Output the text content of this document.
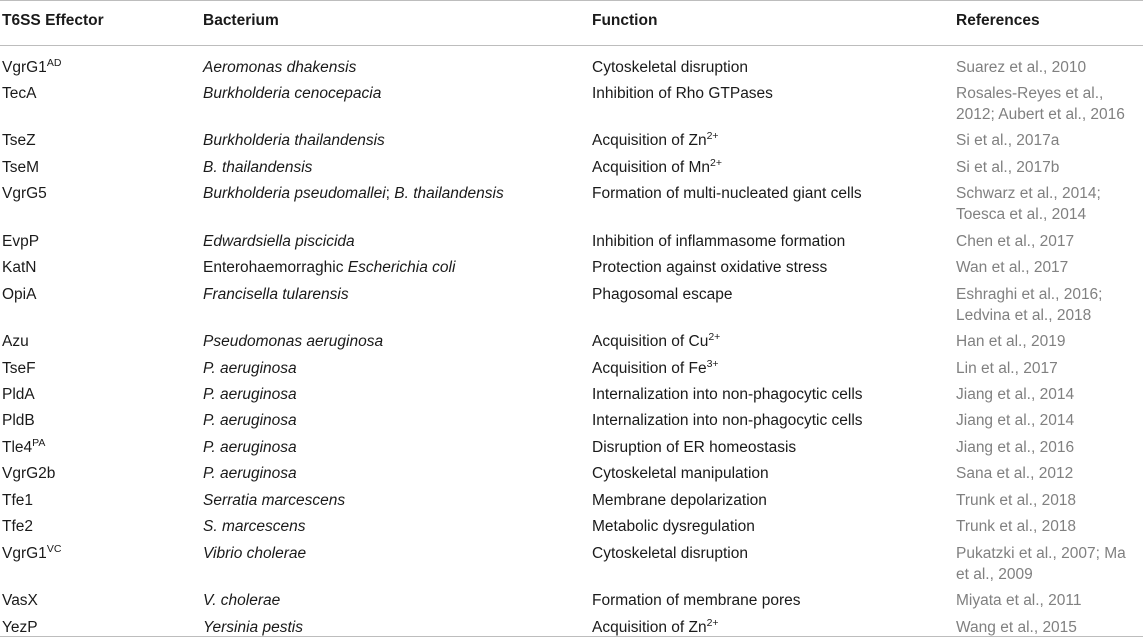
T6SS Effector	Bacterium	Function	References
$VgrG1^{AD}$	Aeromonas dhakensis	Cytoskeletal disruption	Suarez et al., 2010
TecA	Burkholderia cenocepacia	Inhibition of Rho GTPases	Rosales-Reyes et al.,
2012; Aubert et al., 2016
TseZ	Burkholderia thailandensis	Acquisition of $Zn^{2+}$	Si et al., 2017a
TseM	B. thailandensis	Acquisition of $Mn^{2+}$	Si et al., 2017b
VgrG5	Burkholderia pseudomallei; B. thailandensis	Formation of multi-nucleated giant cells	Schwarz et al., 2014;
Toesca et al., 2014
EvpP	Edwardsiella piscicida	Inhibition of inflammasome formation	Chen et al., 2017
KatN	Enterohaemorraghic Escherichia coli	Protection against oxidative stress	Wan et al., 2017
OpiA	Francisella tularensis	Phagosomal escape	Eshraghi et al., 2016;
Ledvina et al., 2018
Azu	Pseudomonas aeruginosa	Acquisition of $Cu^{2+}$	Han et al., 2019
TseF	P. aeruginosa	Acquisition of $Fe^{3+}$	Lin et al., 2017
PldA	P. aeruginosa	Internalization into non-phagocytic cells	Jiang et al., 2014
PldB	P. aeruginosa	Internalization into non-phagocytic cells	Jiang et al., 2014
$Tle4^{PA}$	P. aeruginosa	Disruption of ER homeostasis	Jiang et al., 2016
VgrG2b	P. aeruginosa	Cytoskeletal manipulation	Sana et al., 2012
Tfe1	Serratia marcescens	Membrane depolarization	Trunk et al., 2018
Tfe2	S. marcescens	Metabolic dysregulation	Trunk et al., 2018
$VgrG1^{VC}$	Vibrio cholerae	Cytoskeletal disruption	Pukatzki et al., 2007; Ma
et al., 2009
VasX	V. cholerae	Formation of membrane pores	Miyata et al., 2011
YezP	Yersinia pestis	Acquisition of $Zn^{2+}$	Wang et al., 2015
